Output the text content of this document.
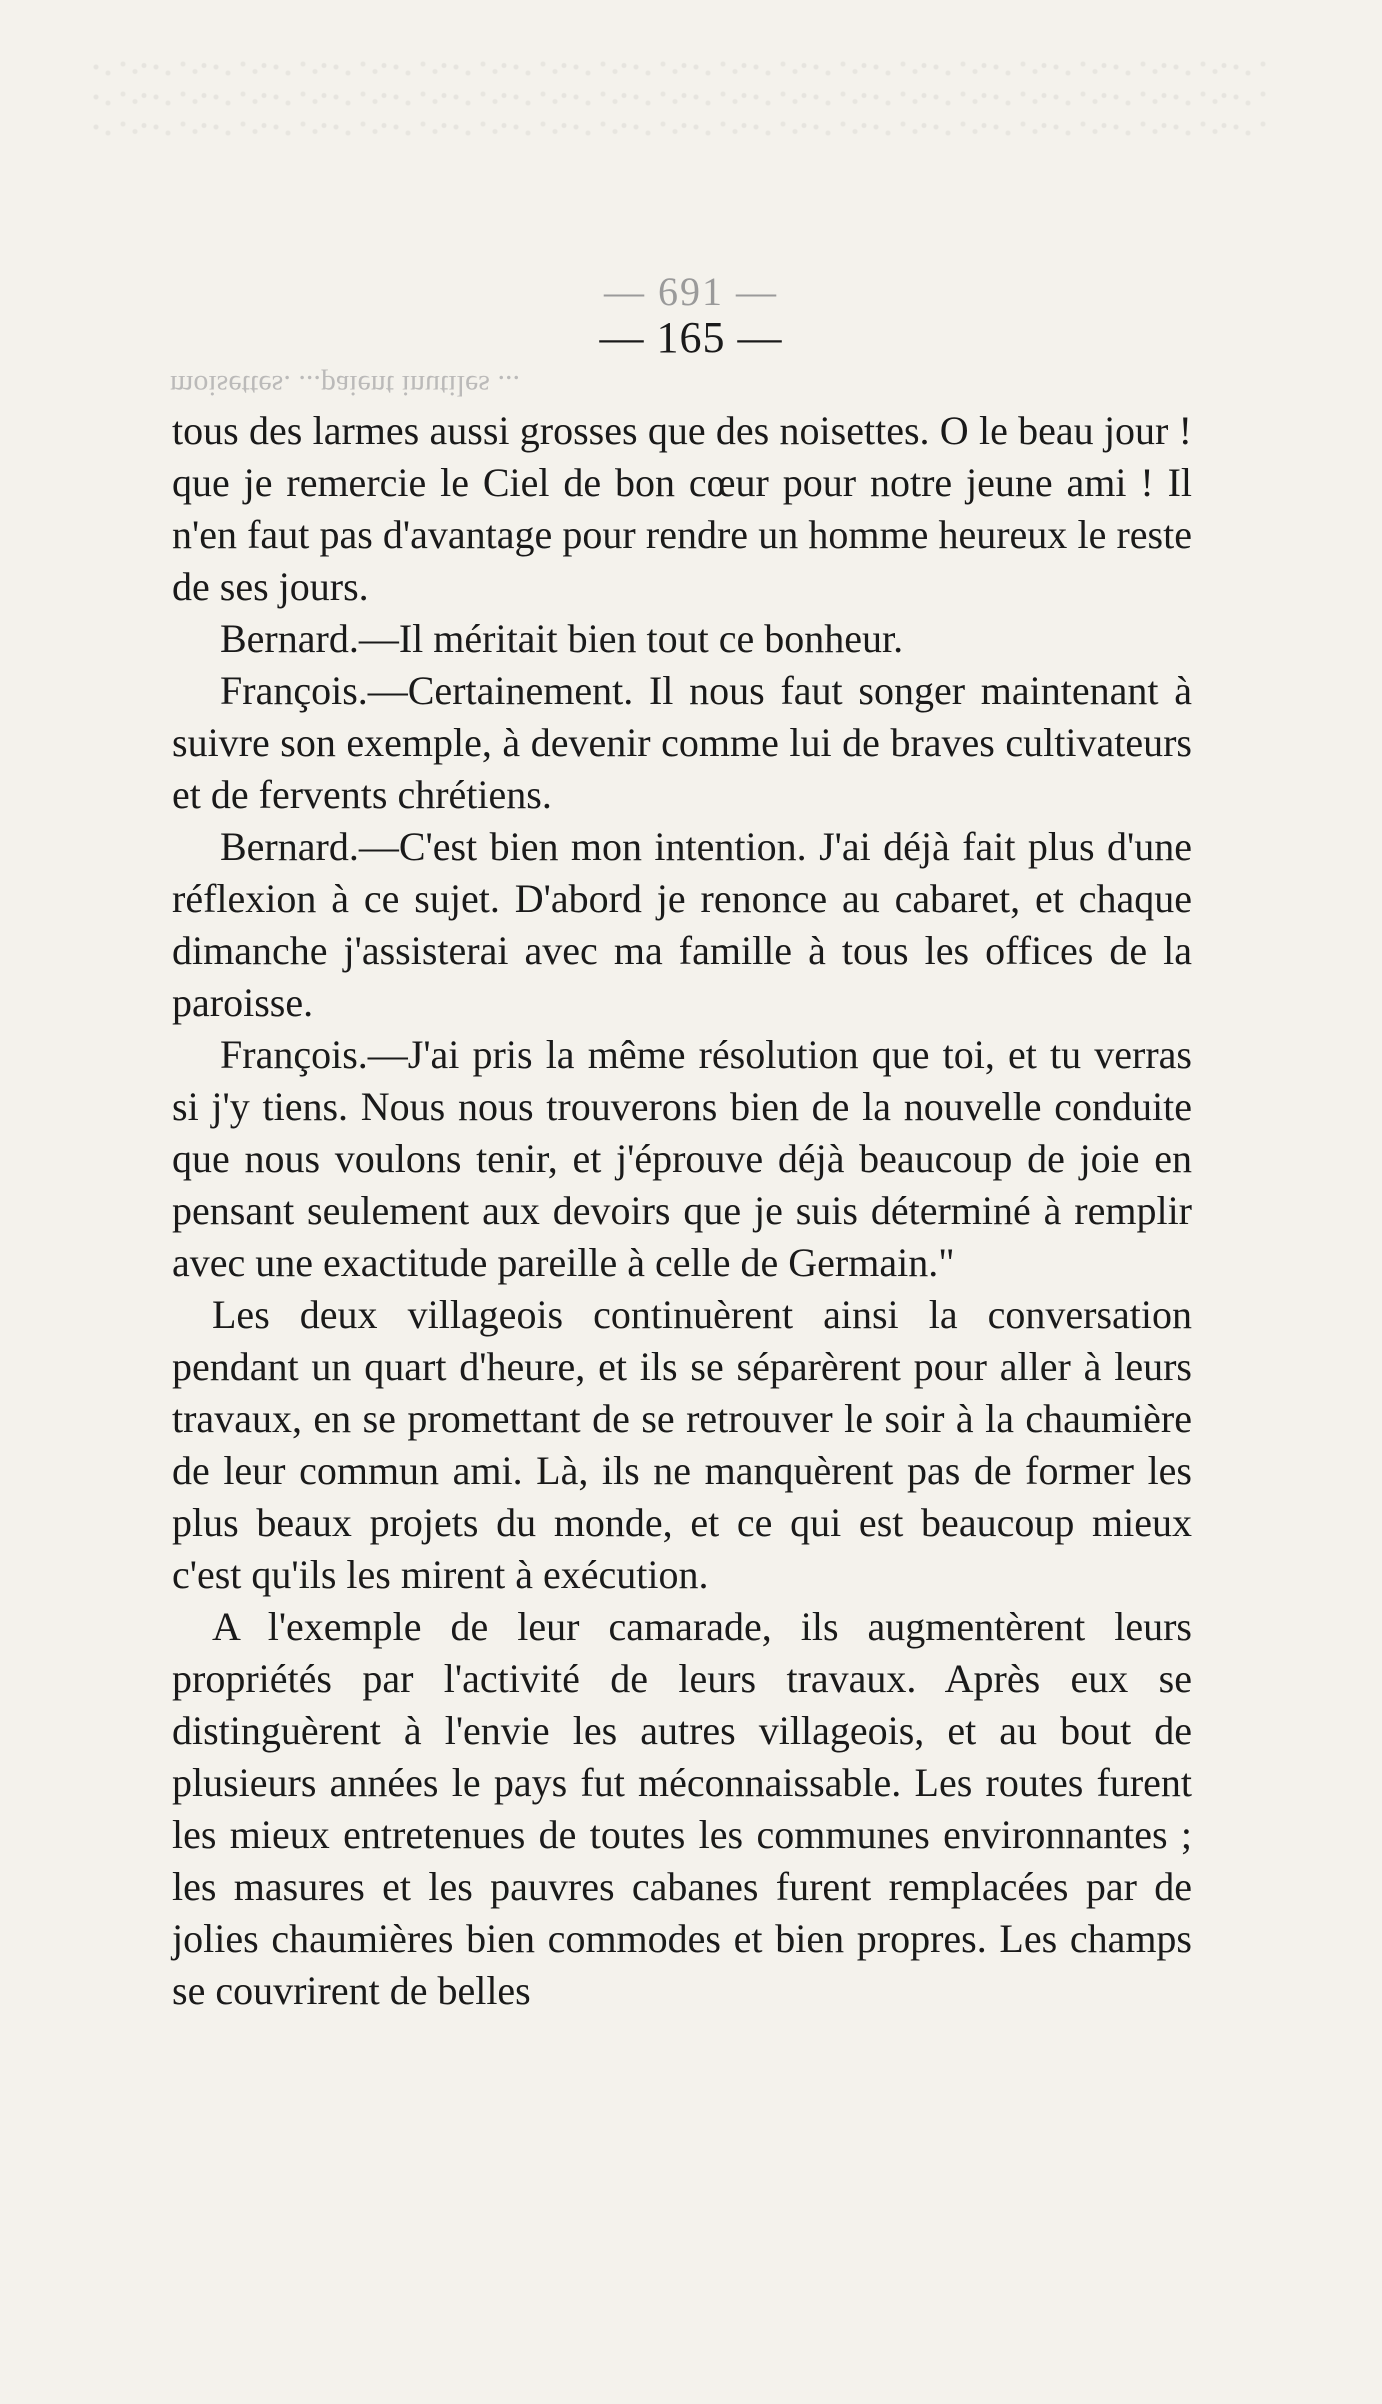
— 691 —
— 165 —
moisettes. ...paient inutiles ...

tous des larmes aussi grosses que des noisettes. O le beau jour ! que je remercie le Ciel de bon cœur pour notre jeune ami ! Il n'en faut pas d'avantage pour rendre un homme heureux le reste de ses jours.

Bernard.—Il méritait bien tout ce bonheur.

François.—Certainement. Il nous faut songer maintenant à suivre son exemple, à devenir comme lui de braves cultivateurs et de fervents chrétiens.

Bernard.—C'est bien mon intention. J'ai déjà fait plus d'une réflexion à ce sujet. D'abord je renonce au cabaret, et chaque dimanche j'assisterai avec ma famille à tous les offices de la paroisse.

François.—J'ai pris la même résolution que toi, et tu verras si j'y tiens. Nous nous trouverons bien de la nouvelle conduite que nous voulons tenir, et j'éprouve déjà beaucoup de joie en pensant seulement aux devoirs que je suis déterminé à remplir avec une exactitude pareille à celle de Germain."

Les deux villageois continuèrent ainsi la conversation pendant un quart d'heure, et ils se séparèrent pour aller à leurs travaux, en se promettant de se retrouver le soir à la chaumière de leur commun ami. Là, ils ne manquèrent pas de former les plus beaux projets du monde, et ce qui est beaucoup mieux c'est qu'ils les mirent à exécution.

A l'exemple de leur camarade, ils augmentèrent leurs propriétés par l'activité de leurs travaux. Après eux se distinguèrent à l'envie les autres villageois, et au bout de plusieurs années le pays fut méconnaissable. Les routes furent les mieux entretenues de toutes les communes environnantes ; les masures et les pauvres cabanes furent remplacées par de jolies chaumières bien commodes et bien propres. Les champs se couvrirent de belles
